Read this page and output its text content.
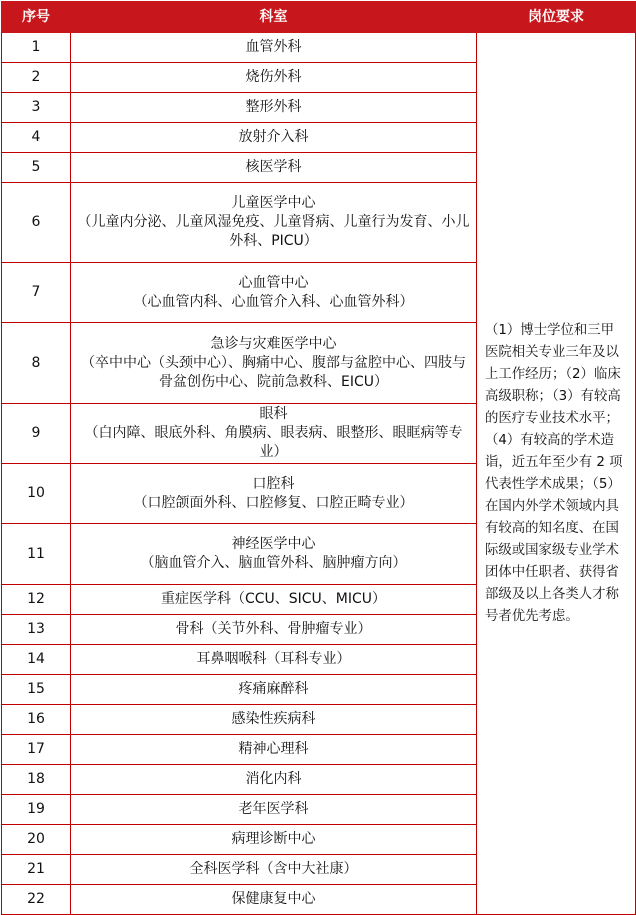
序号	科室	岗位要求
1	血管外科	（1）博士学位和三甲医院相关专业三年及以上工作经历；（2）临床高级职称；（3）有较高的医疗专业技术水平；（4）有较高的学术造诣，近五年至少有 2 项代表性学术成果；（5）在国内外学术领域内具有较高的知名度、在国际级或国家级专业学术团体中任职者、获得省部级及以上各类人才称号者优先考虑。
2	烧伤外科	

3	整形外科	

4	放射介入科	

5	核医学科	

6	儿童医学中心
（儿童内分泌、儿童风湿免疫、儿童肾病、儿童行为发育、小儿外科、PICU）	

7	心血管中心
（心血管内科、心血管介入科、心血管外科）	

8	急诊与灾难医学中心
（卒中中心（头颈中心）、胸痛中心、腹部与盆腔中心、四肢与骨盆创伤中心、院前急救科、EICU）	

9	眼科
（白内障、眼底外科、角膜病、眼表病、眼整形、眼眶病等专业）	

10	口腔科
（口腔颌面外科、口腔修复、口腔正畸专业）	

11	神经医学中心
（脑血管介入、脑血管外科、脑肿瘤方向）	

12	重症医学科（CCU、SICU、MICU）	

13	骨科（关节外科、骨肿瘤专业）	

14	耳鼻咽喉科（耳科专业）	

15	疼痛麻醉科	

16	感染性疾病科	

17	精神心理科	

18	消化内科	

19	老年医学科	

20	病理诊断中心	

21	全科医学科（含中大社康）	

22	保健康复中心	
